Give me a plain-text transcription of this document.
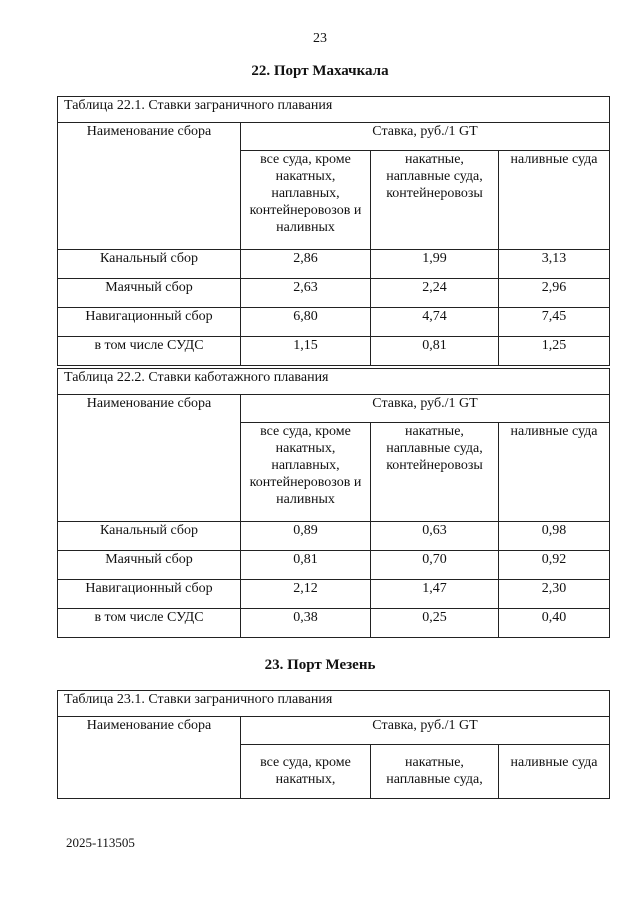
23
22. Порт Махачкала
Таблица 22.1. Ставки заграничного плавания			
Наименование сбора	Ставка, руб./1 GT		
	все суда, кроме накатных, наплавных, контейнеровозов и наливных	накатные, наплавные суда, контейнеровозы	наливные суда
Канальный сбор	2,86	1,99	3,13
Маячный сбор	2,63	2,24	2,96
Навигационный сбор	6,80	4,74	7,45
в том числе СУДС	1,15	0,81	1,25
Таблица 22.2. Ставки каботажного плавания			
Наименование сбора	Ставка, руб./1 GT		
	все суда, кроме накатных, наплавных, контейнеровозов и наливных	накатные, наплавные суда, контейнеровозы	наливные суда
Канальный сбор	0,89	0,63	0,98
Маячный сбор	0,81	0,70	0,92
Навигационный сбор	2,12	1,47	2,30
в том числе СУДС	0,38	0,25	0,40
23. Порт Мезень
Таблица 23.1. Ставки заграничного плавания			
Наименование сбора	Ставка, руб./1 GT		
	все суда, кроме накатных,	накатные, наплавные суда,	наливные суда
2025-113505
